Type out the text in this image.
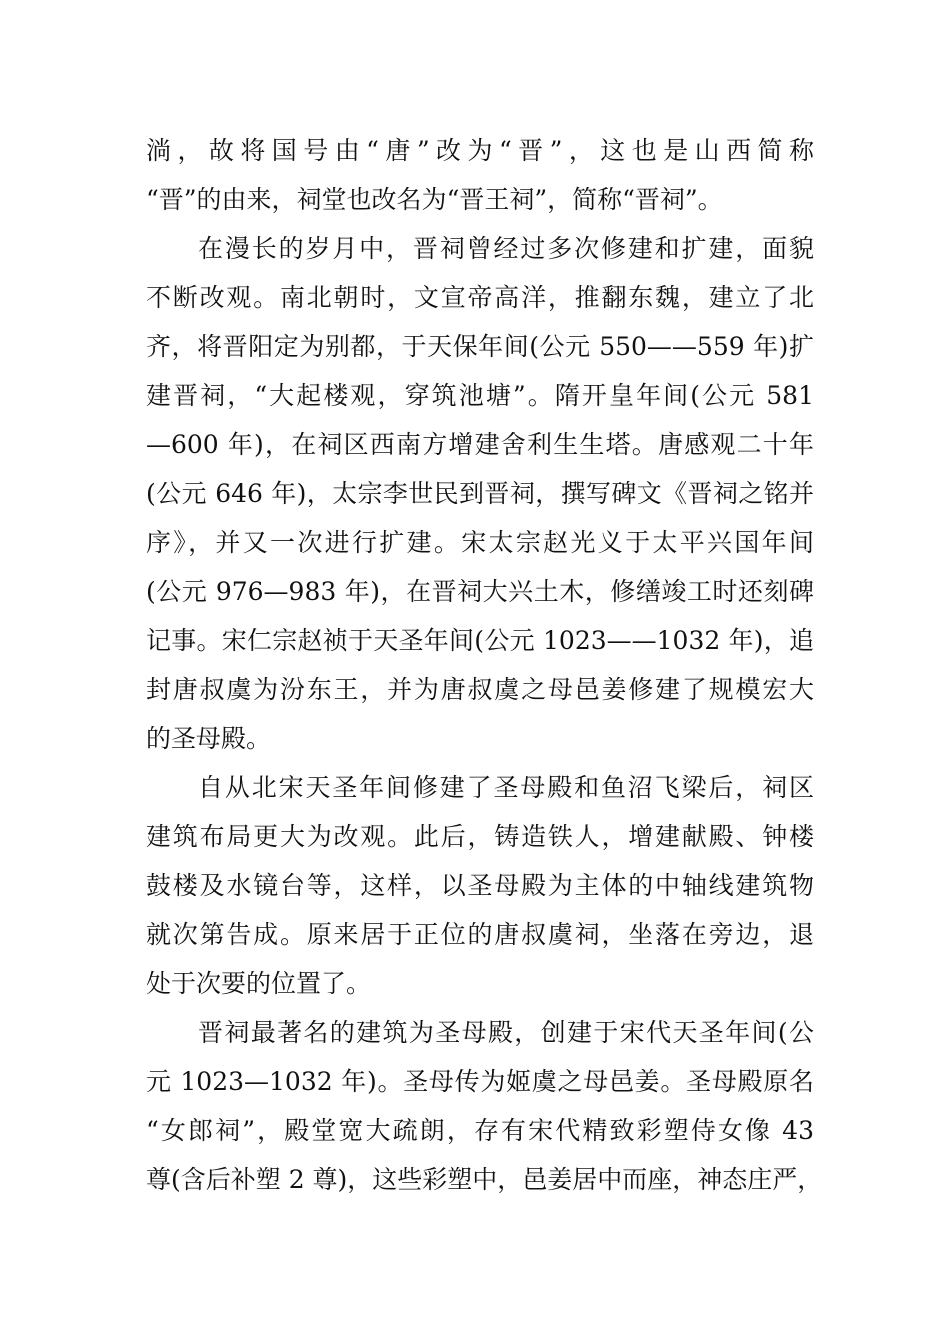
淌，故将国号由“唐”改为“晋”，这也是山西简称
“晋”的由来，祠堂也改名为“晋王祠”，简称“晋祠”。
在漫长的岁月中，晋祠曾经过多次修建和扩建，面貌
不断改观。南北朝时，文宣帝高洋，推翻东魏，建立了北
齐，将晋阳定为别都，于天保年间(公元 550——559 年)扩
建晋祠，“大起楼观，穿筑池塘”。隋开皇年间(公元 581
—600 年)，在祠区西南方增建舍利生生塔。唐感观二十年
(公元 646 年)，太宗李世民到晋祠，撰写碑文《晋祠之铭并
序》，并又一次进行扩建。宋太宗赵光义于太平兴国年间
(公元 976—983 年)，在晋祠大兴土木，修缮竣工时还刻碑
记事。宋仁宗赵祯于天圣年间(公元 1023——1032 年)，追
封唐叔虞为汾东王，并为唐叔虞之母邑姜修建了规模宏大
的圣母殿。
自从北宋天圣年间修建了圣母殿和鱼沼飞梁后，祠区
建筑布局更大为改观。此后，铸造铁人，增建献殿、钟楼
鼓楼及水镜台等，这样，以圣母殿为主体的中轴线建筑物
就次第告成。原来居于正位的唐叔虞祠，坐落在旁边，退
处于次要的位置了。
晋祠最著名的建筑为圣母殿，创建于宋代天圣年间(公
元 1023—1032 年)。圣母传为姬虞之母邑姜。圣母殿原名
“女郎祠”，殿堂宽大疏朗，存有宋代精致彩塑侍女像 43
尊(含后补塑 2 尊)，这些彩塑中，邑姜居中而座，神态庄严，
